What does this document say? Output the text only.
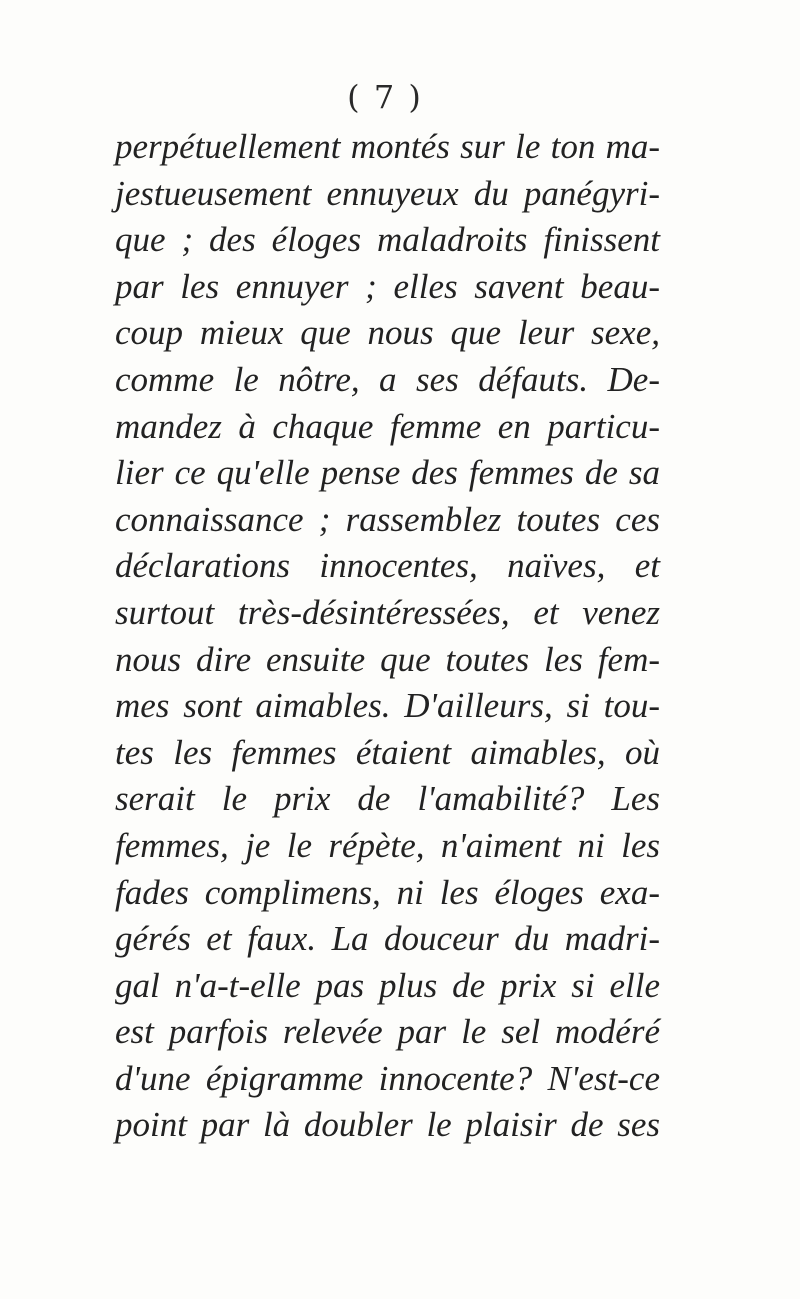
( 7 )
perpétuellement montés sur le ton ma-
jestueusement ennuyeux du panégyri-
que ; des éloges maladroits finissent
par les ennuyer ; elles savent beau-
coup mieux que nous que leur sexe,
comme le nôtre, a ses défauts. De-
mandez à chaque femme en particu-
lier ce qu'elle pense des femmes de sa
connaissance ; rassemblez toutes ces
déclarations innocentes, naïves, et
surtout très-désintéressées, et venez
nous dire ensuite que toutes les fem-
mes sont aimables. D'ailleurs, si tou-
tes les femmes étaient aimables, où
serait le prix de l'amabilité? Les
femmes, je le répète, n'aiment ni les
fades complimens, ni les éloges exa-
gérés et faux. La douceur du madri-
gal n'a-t-elle pas plus de prix si elle
est parfois relevée par le sel modéré
d'une épigramme innocente? N'est-ce
point par là doubler le plaisir de ses
